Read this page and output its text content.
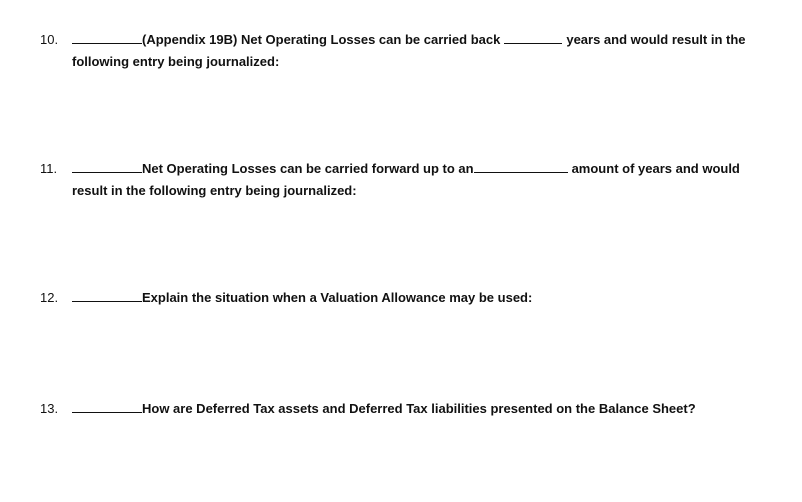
10.	(Appendix 19B) Net Operating Losses can be carried back	years and would result in the
following entry being journalized:
11.	Net Operating Losses can be carried forward up to an	amount of years and would
result in the following entry being journalized:
12.	Explain the situation when a Valuation Allowance may be used:
13.	How are Deferred Tax assets and Deferred Tax liabilities presented on the Balance Sheet?
